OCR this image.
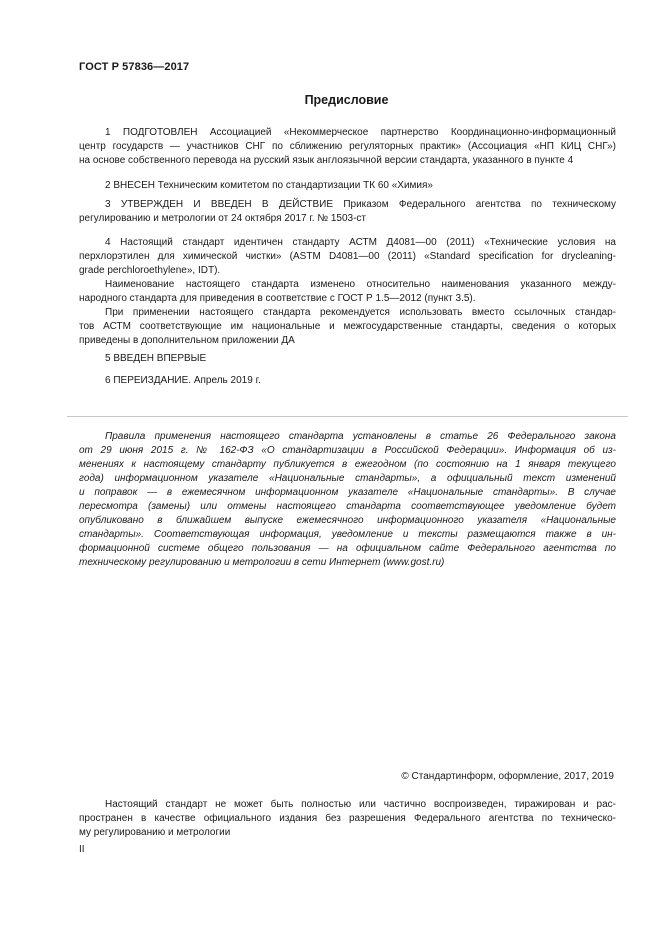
ГОСТ Р 57836—2017
Предисловие
1 ПОДГОТОВЛЕН Ассоциацией «Некоммерческое партнерство Координационно-информационный
центр государств — участников СНГ по сближению регуляторных практик» (Ассоциация «НП КИЦ СНГ»)
на основе собственного перевода на русский язык англоязычной версии стандарта, указанного в пункте 4
2 ВНЕСЕН Техническим комитетом по стандартизации ТК 60 «Химия»
3 УТВЕРЖДЕН И ВВЕДЕН В ДЕЙСТВИЕ Приказом Федерального агентства по техническому
регулированию и метрологии от 24 октября 2017 г. № 1503-ст
4 Настоящий стандарт идентичен стандарту АСТМ Д4081—00 (2011) «Технические условия на
перхлорэтилен для химической чистки» (ASTM D4081—00 (2011) «Standard specification for drycleaning-
grade perchloroethylene», IDT).
Наименование настоящего стандарта изменено относительно наименования указанного между-
народного стандарта для приведения в соответствие с ГОСТ Р 1.5—2012 (пункт 3.5).
При применении настоящего стандарта рекомендуется использовать вместо ссылочных стандар-
тов АСТМ соответствующие им национальные и межгосударственные стандарты, сведения о которых
приведены в дополнительном приложении ДА
5 ВВЕДЕН ВПЕРВЫЕ
6 ПЕРЕИЗДАНИЕ. Апрель 2019 г.
Правила применения настоящего стандарта установлены в статье 26 Федерального закона
от 29 июня 2015 г. № 162-ФЗ «О стандартизации в Российской Федерации». Информация об из-
менениях к настоящему стандарту публикуется в ежегодном (по состоянию на 1 января текущего
года) информационном указателе «Национальные стандарты», а официальный текст изменений
и поправок — в ежемесячном информационном указателе «Национальные стандарты». В случае
пересмотра (замены) или отмены настоящего стандарта соответствующее уведомление будет
опубликовано в ближайшем выпуске ежемесячного информационного указателя «Национальные
стандарты». Соответствующая информация, уведомление и тексты размещаются также в ин-
формационной системе общего пользования — на официальном сайте Федерального агентства по
техническому регулированию и метрологии в сети Интернет (www.gost.ru)
© Стандартинформ, оформление, 2017, 2019
Настоящий стандарт не может быть полностью или частично воспроизведен, тиражирован и рас-
пространен в качестве официального издания без разрешения Федерального агентства по техническо-
му регулированию и метрологии
II
